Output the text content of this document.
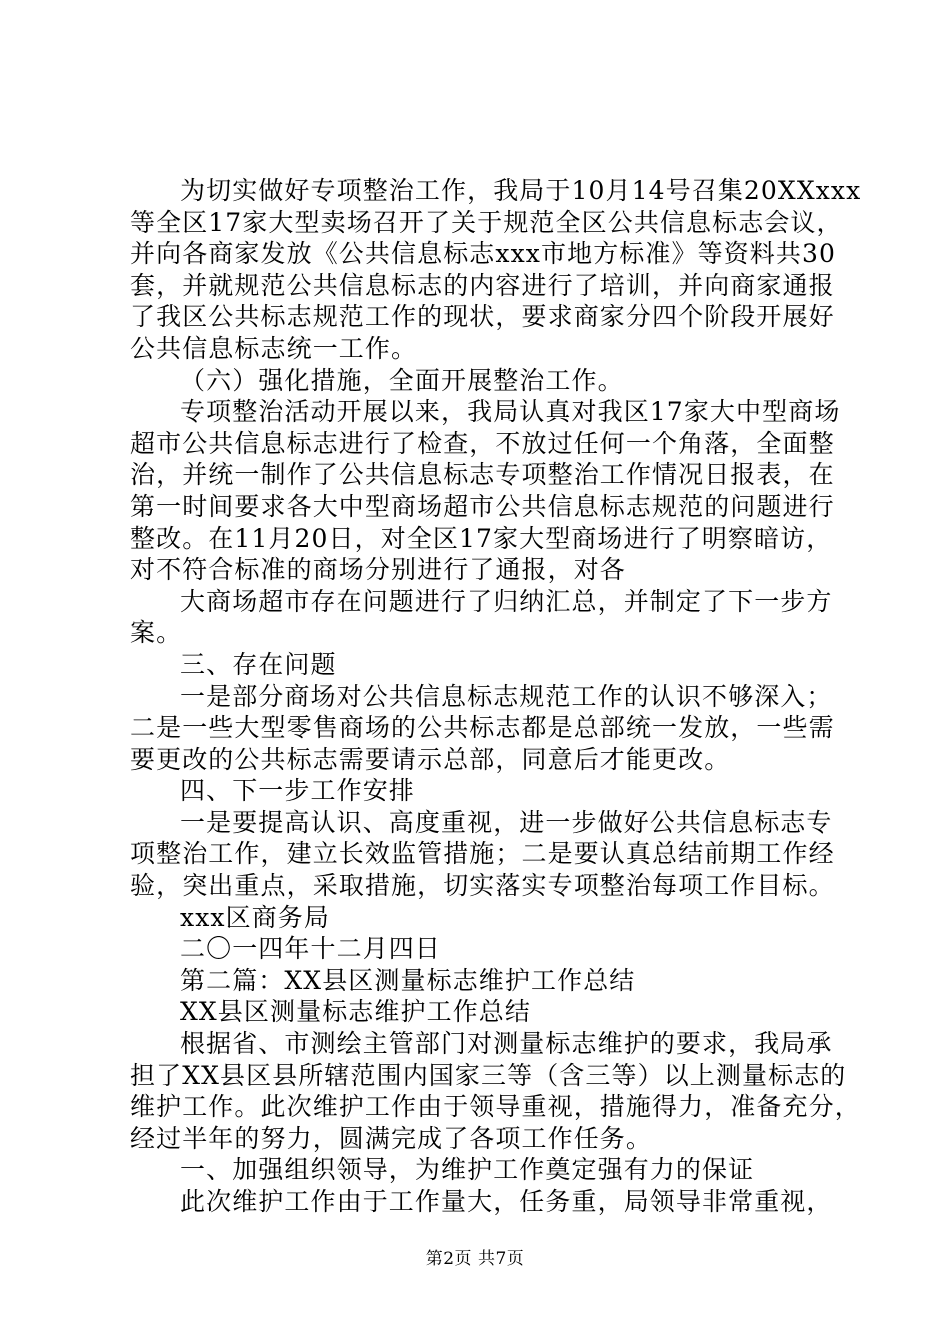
为切实做好专项整治工作，我局于10月14号召集20XXxxx
等全区17家大型卖场召开了关于规范全区公共信息标志会议，
并向各商家发放《公共信息标志xxx市地方标准》等资料共30
套，并就规范公共信息标志的内容进行了培训，并向商家通报
了我区公共标志规范工作的现状，要求商家分四个阶段开展好
公共信息标志统一工作。
（六）强化措施，全面开展整治工作。
专项整治活动开展以来，我局认真对我区17家大中型商场
超市公共信息标志进行了检查，不放过任何一个角落，全面整
治，并统一制作了公共信息标志专项整治工作情况日报表，在
第一时间要求各大中型商场超市公共信息标志规范的问题进行
整改。在11月20日，对全区17家大型商场进行了明察暗访，
对不符合标准的商场分别进行了通报，对各
大商场超市存在问题进行了归纳汇总，并制定了下一步方
案。
三、存在问题
一是部分商场对公共信息标志规范工作的认识不够深入；
二是一些大型零售商场的公共标志都是总部统一发放，一些需
要更改的公共标志需要请示总部，同意后才能更改。
四、下一步工作安排
一是要提高认识、高度重视，进一步做好公共信息标志专
项整治工作，建立长效监管措施；二是要认真总结前期工作经
验，突出重点，采取措施，切实落实专项整治每项工作目标。
xxx区商务局
二〇一四年十二月四日
第二篇：XX县区测量标志维护工作总结
XX县区测量标志维护工作总结
根据省、市测绘主管部门对测量标志维护的要求，我局承
担了XX县区县所辖范围内国家三等（含三等）以上测量标志的
维护工作。此次维护工作由于领导重视，措施得力，准备充分，
经过半年的努力，圆满完成了各项工作任务。
一、加强组织领导，为维护工作奠定强有力的保证
此次维护工作由于工作量大，任务重，局领导非常重视，
第2页 共7页
